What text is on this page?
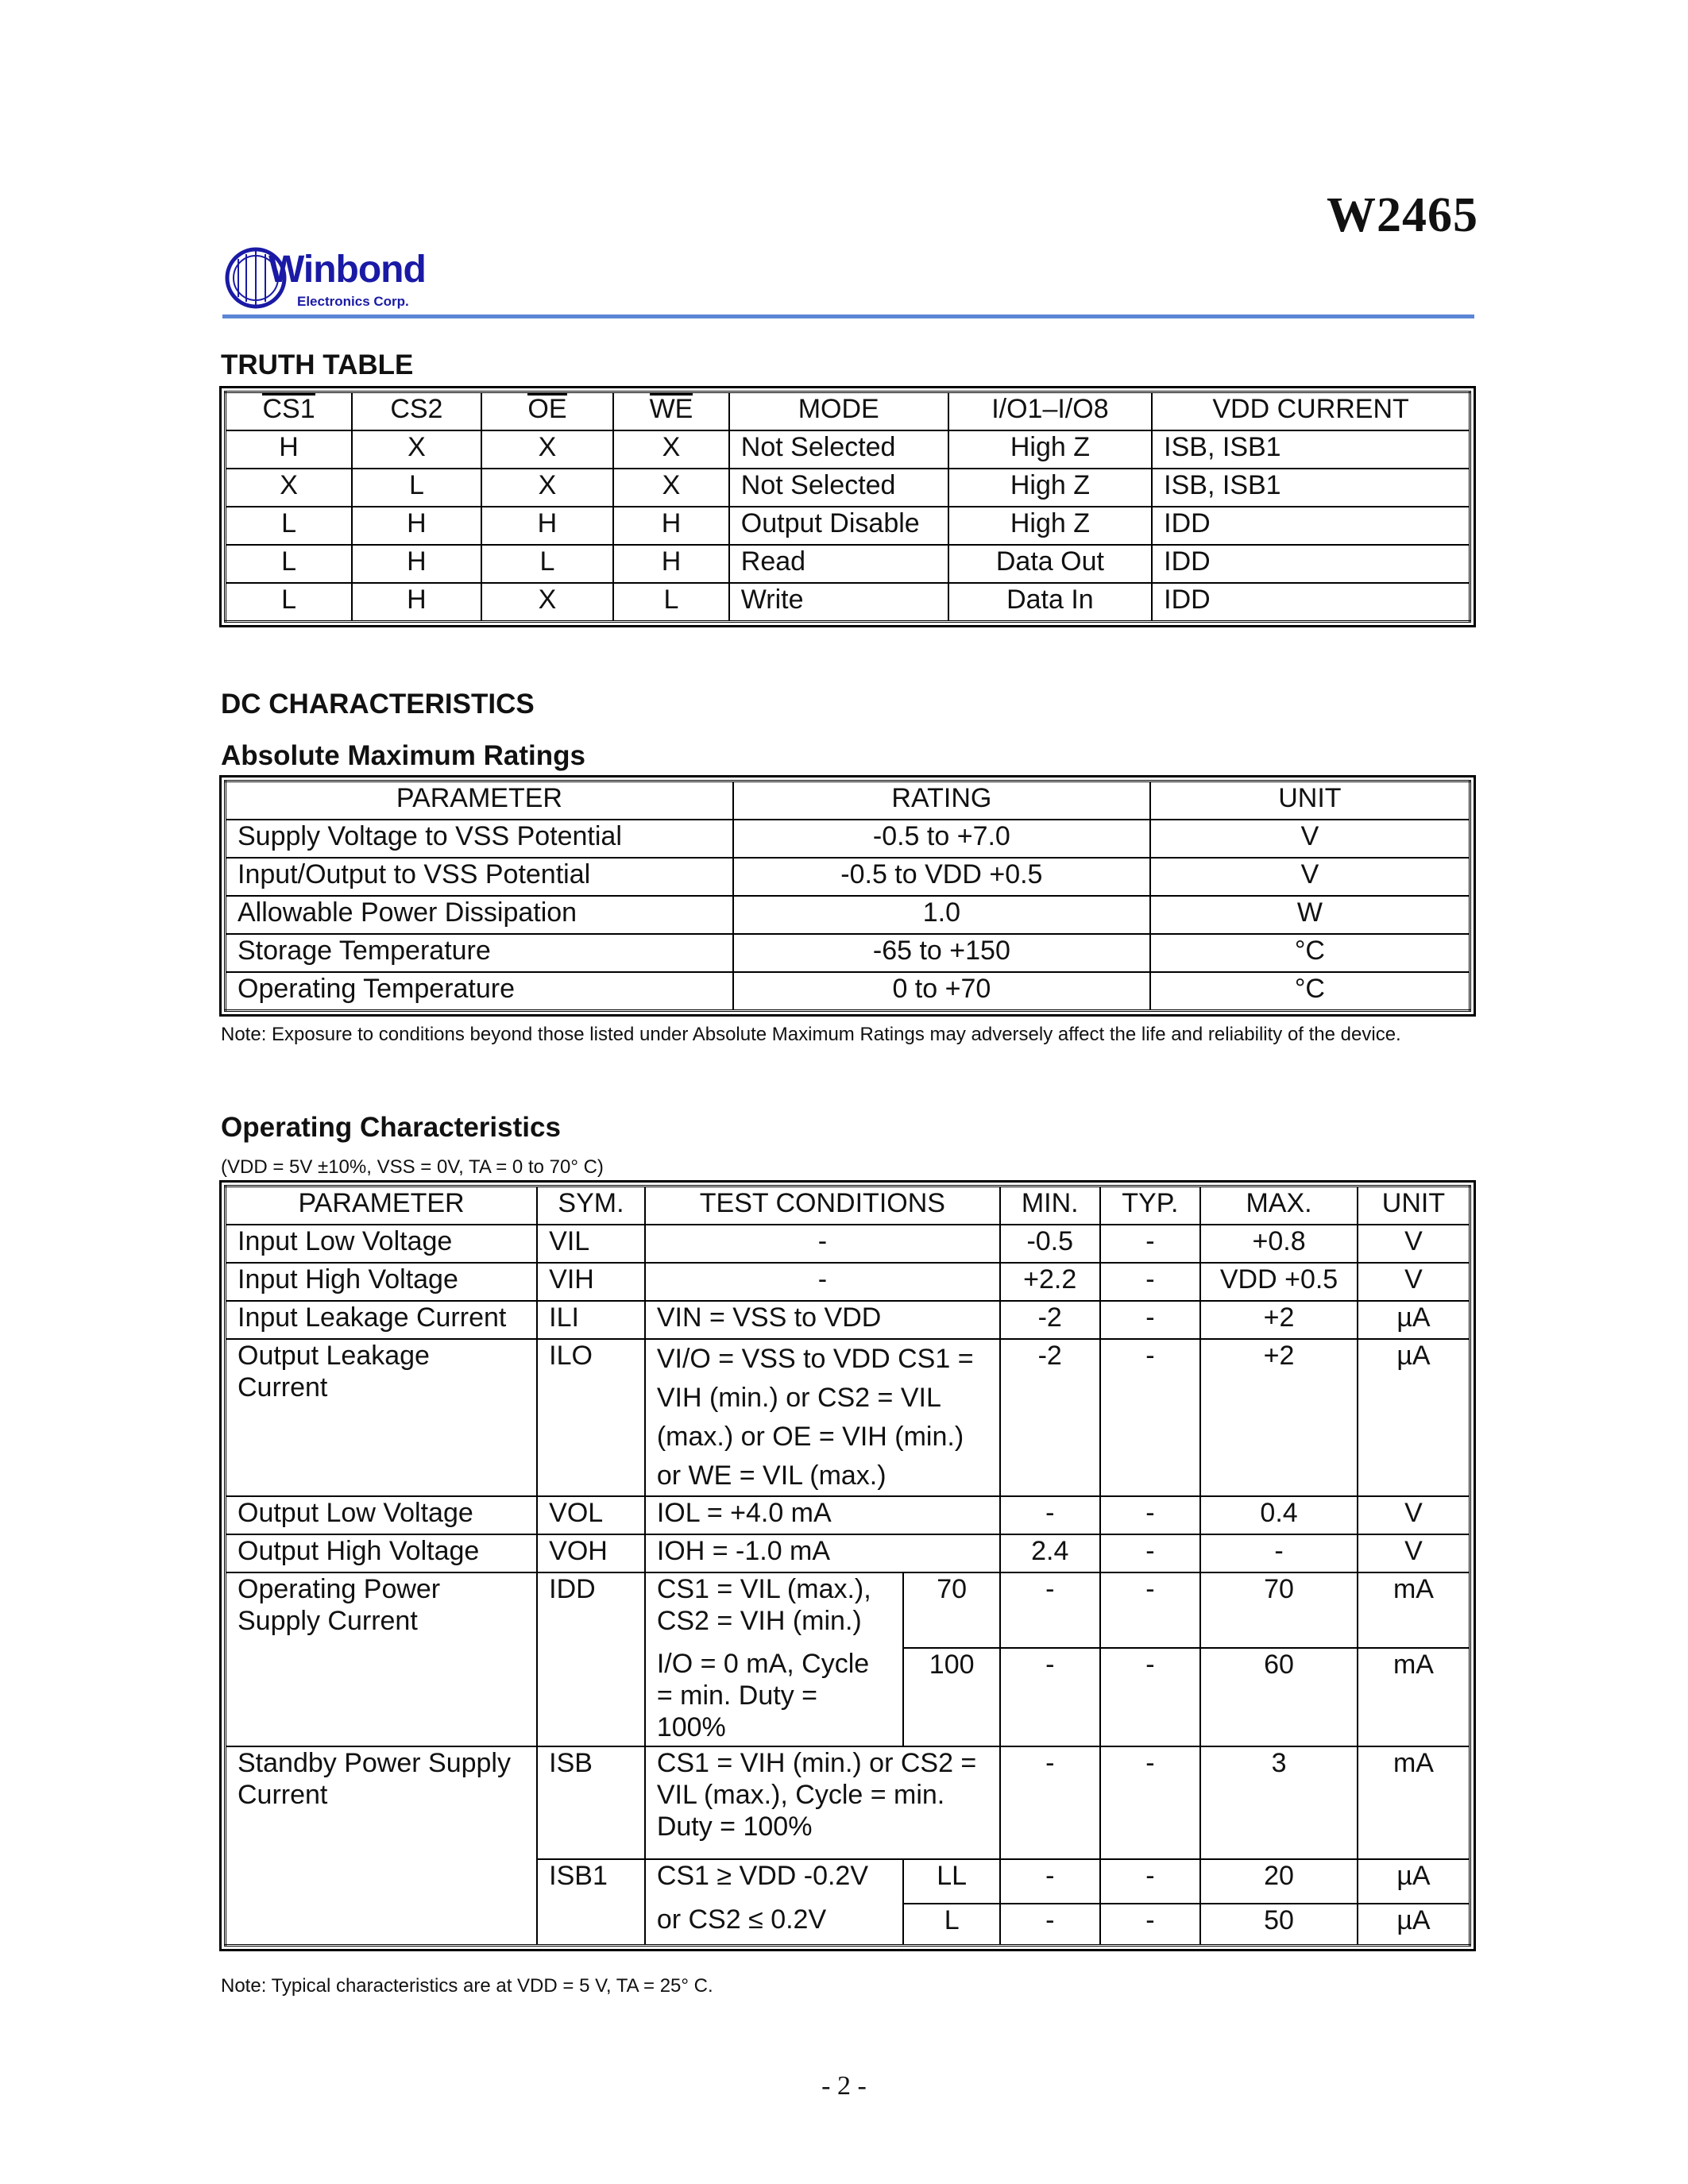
W2465
Winbond
Electronics Corp.
TRUTH TABLE
CS1	CS2	OE	WE	MODE	I/O1–I/O8	VDD CURRENT
H	X	X	X	Not Selected	High Z	ISB, ISB1
X	L	X	X	Not Selected	High Z	ISB, ISB1
L	H	H	H	Output Disable	High Z	IDD
L	H	L	H	Read	Data Out	IDD
L	H	X	L	Write	Data In	IDD
DC CHARACTERISTICS
Absolute Maximum Ratings
PARAMETER	RATING	UNIT
Supply Voltage to VSS Potential	-0.5 to +7.0	V
Input/Output to VSS Potential	-0.5 to VDD +0.5	V
Allowable Power Dissipation	1.0	W
Storage Temperature	-65 to +150	°C
Operating Temperature	0 to +70	°C
Note: Exposure to conditions beyond those listed under Absolute Maximum Ratings may adversely affect the life and reliability of the device.
Operating Characteristics
(VDD = 5V ±10%, VSS = 0V, TA = 0 to 70° C)
PARAMETER	SYM.	TEST CONDITIONS		MIN.	TYP.	MAX.	UNIT
Input Low Voltage	VIL	-		-0.5	-	+0.8	V
Input High Voltage	VIH	-		+2.2	-	VDD +0.5	V
Input Leakage Current	ILI	VIN = VSS to VDD		-2	-	+2	µA
Output Leakage Current	ILO	VI/O = VSS to VDD CS1 = VIH (min.) or CS2 = VIL (max.) or OE = VIH (min.) or WE = VIL (max.)		-2	-	+2	µA
Output Low Voltage	VOL	IOL = +4.0 mA		-	-	0.4	V
Output High Voltage	VOH	IOH = -1.0 mA		2.4	-	-	V
Operating Power Supply Current	IDD	CS1 = VIL (max.), CS2 = VIH (min.)	70	-	-	70	mA
		I/O = 0 mA, Cycle = min. Duty = 100%	100	-	-	60	mA
Standby Power Supply Current	ISB	CS1 = VIH (min.) or CS2 = VIL (max.), Cycle = min. Duty = 100%		-	-	3	mA
	ISB1	CS1 ≥ VDD -0.2V	LL	-	-	20	µA
		or CS2 ≤ 0.2V	L	-	-	50	µA
Note: Typical characteristics are at VDD = 5 V, TA = 25° C.
- 2 -
